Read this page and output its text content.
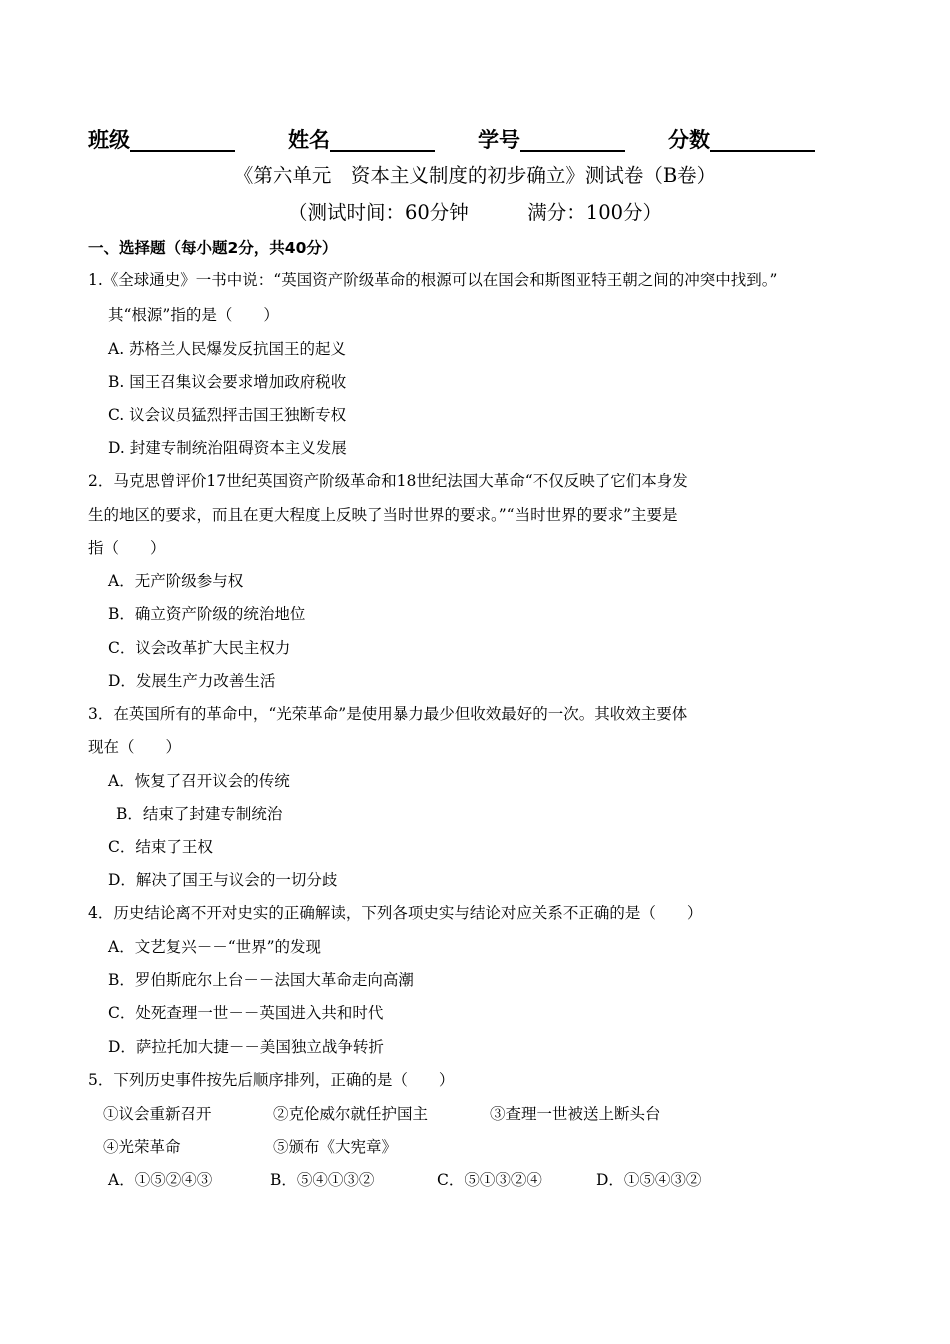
班级__________	姓名__________ 学号__________ 分数__________
《第六单元　资本主义制度的初步确立》测试卷（B卷）
（测试时间：60分钟　　　满分：100分）
一、选择题（每小题2分，共40分）
1.《全球通史》一书中说：“英国资产阶级革命的根源可以在国会和斯图亚特王朝之间的冲突中找到。”
其“根源”指的是（　　）
A. 苏格兰人民爆发反抗国王的起义
B. 国王召集议会要求增加政府税收
C. 议会议员猛烈抨击国王独断专权
D. 封建专制统治阻碍资本主义发展
2．马克思曾评价17世纪英国资产阶级革命和18世纪法国大革命“不仅反映了它们本身发
生的地区的要求，而且在更大程度上反映了当时世界的要求。”“当时世界的要求”主要是
指（　　）
A．无产阶级参与权
B．确立资产阶级的统治地位
C．议会改革扩大民主权力
D．发展生产力改善生活
3．在英国所有的革命中，“光荣革命”是使用暴力最少但收效最好的一次。其收效主要体
现在（　　）
A．恢复了召开议会的传统
B．结束了封建专制统治
C．结束了王权
D．解决了国王与议会的一切分歧
4．历史结论离不开对史实的正确解读，下列各项史实与结论对应关系不正确的是（　　）
A．文艺复兴－－“世界”的发现
B．罗伯斯庇尔上台－－法国大革命走向高潮
C．处死查理一世－－英国进入共和时代
D．萨拉托加大捷－－美国独立战争转折
5．下列历史事件按先后顺序排列，正确的是（　　）
①议会重新召开	②克伦威尔就任护国主	③查理一世被送上断头台
④光荣革命	⑤颁布《大宪章》
A．①⑤②④③	B．⑤④①③②	C．⑤①③②④	D．①⑤④③②
